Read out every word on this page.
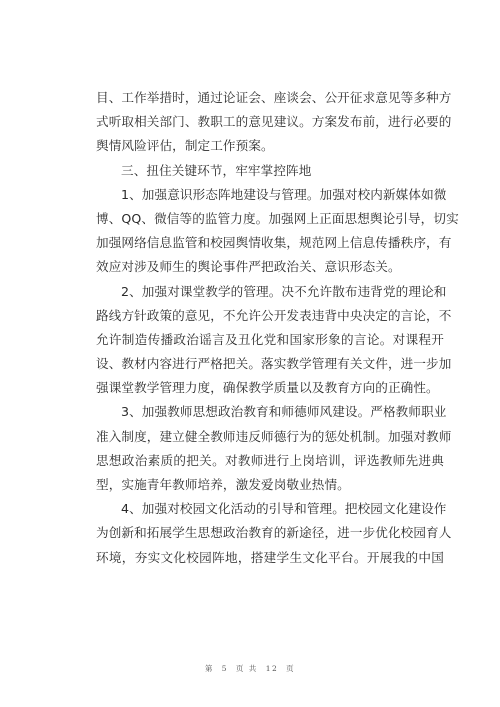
目、工作举措时，通过论证会、座谈会、公开征求意见等多种方
式听取相关部门、教职工的意见建议。方案发布前，进行必要的
舆情风险评估，制定工作预案。
三、扭住关键环节，牢牢掌控阵地
1、加强意识形态阵地建设与管理。加强对校内新媒体如微
博、QQ、微信等的监管力度。加强网上正面思想舆论引导，切实
加强网络信息监管和校园舆情收集，规范网上信息传播秩序，有
效应对涉及师生的舆论事件严把政治关、意识形态关。
2、加强对课堂教学的管理。决不允许散布违背党的理论和
路线方针政策的意见，不允许公开发表违背中央决定的言论，不
允许制造传播政治谣言及丑化党和国家形象的言论。对课程开
设、教材内容进行严格把关。落实教学管理有关文件，进一步加
强课堂教学管理力度，确保教学质量以及教育方向的正确性。
3、加强教师思想政治教育和师德师风建设。严格教师职业
准入制度，建立健全教师违反师德行为的惩处机制。加强对教师
思想政治素质的把关。对教师进行上岗培训，评选教师先进典
型，实施青年教师培养，激发爱岗敬业热情。
4、加强对校园文化活动的引导和管理。把校园文化建设作
为创新和拓展学生思想政治教育的新途径，进一步优化校园育人
环境，夯实文化校园阵地，搭建学生文化平台。开展我的中国
第 5 页 共 12 页
